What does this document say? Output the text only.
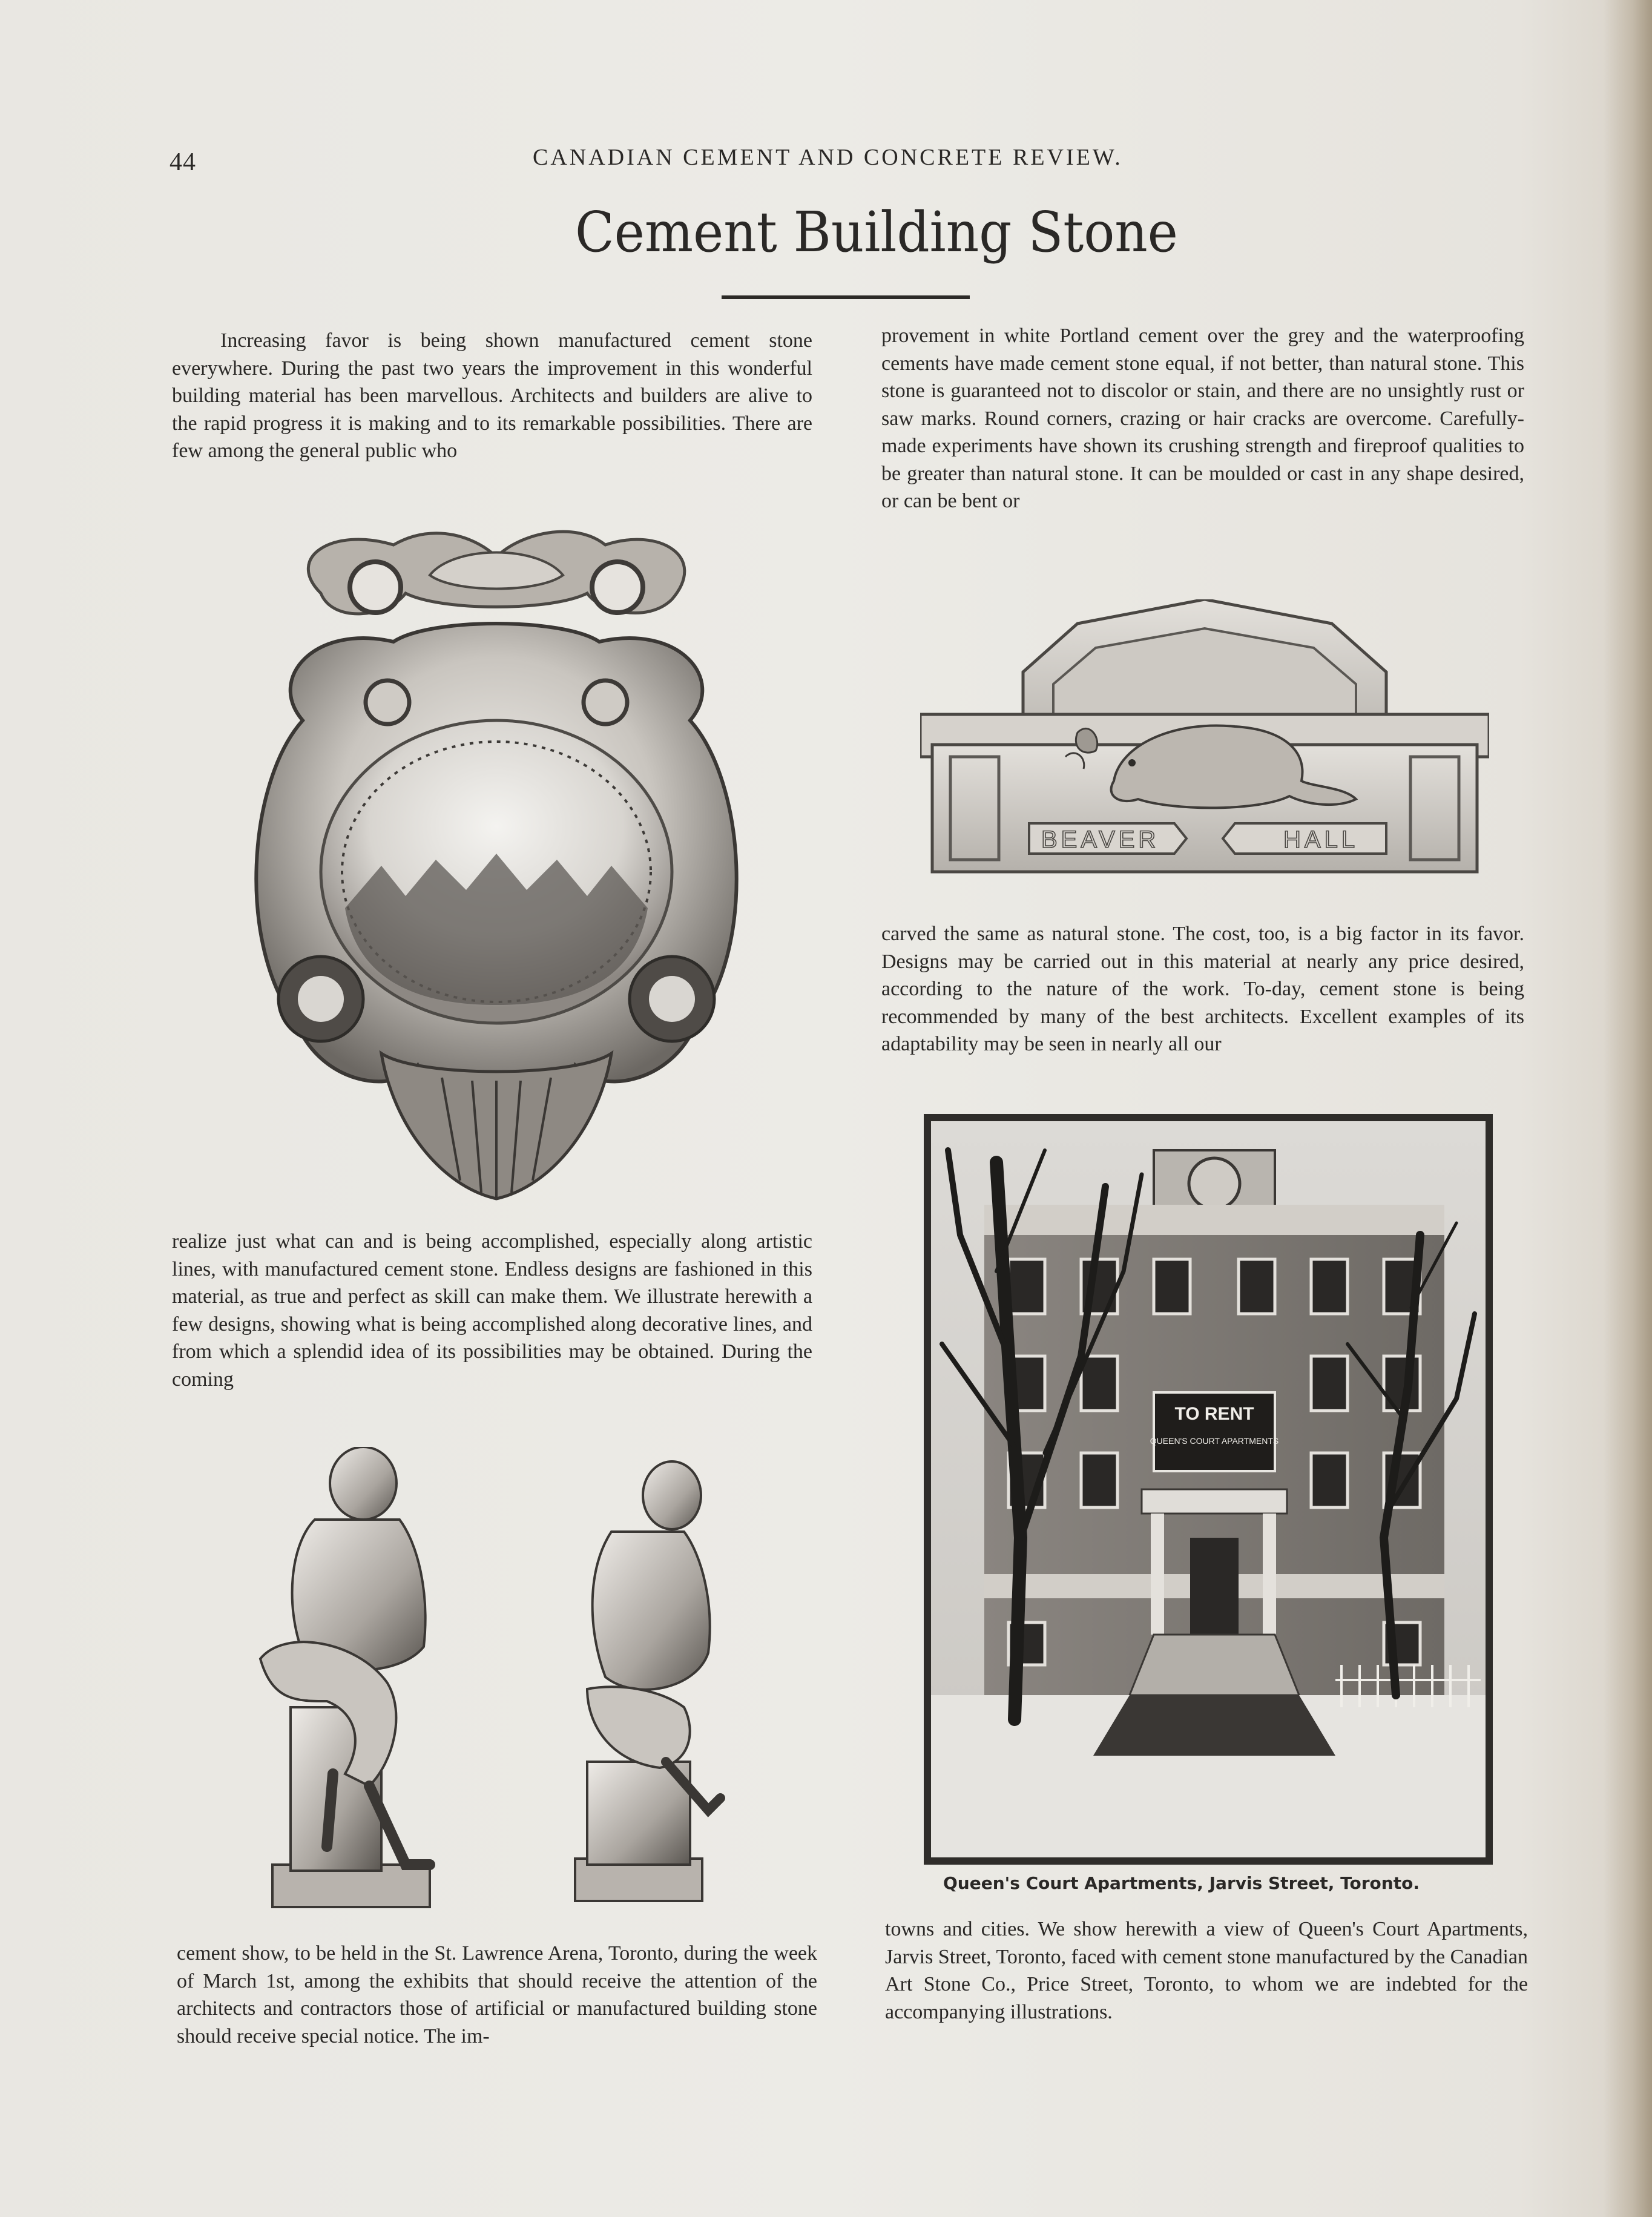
44	CANADIAN CEMENT AND CONCRETE REVIEW.
Cement Building Stone

Increasing favor is being shown manufactured cement stone everywhere. During the past two years the improvement in this wonderful building material has been marvellous. Architects and builders are alive to the rapid progress it is making and to its remarkable possibilities. There are few among the general public who

realize just what can and is being accomplished, especially along artistic lines, with manufactured cement stone. Endless designs are fashioned in this material, as true and perfect as skill can make them. We illustrate herewith a few designs, showing what is being accomplished along decorative lines, and from which a splendid idea of its possibilities may be obtained. During the coming

cement show, to be held in the St. Lawrence Arena, Toronto, during the week of March 1st, among the exhibits that should receive the attention of the architects and contractors those of artificial or manufactured building stone should receive special notice. The im-

provement in white Portland cement over the grey and the waterproofing cements have made cement stone equal, if not better, than natural stone. This stone is guaranteed not to discolor or stain, and there are no unsightly rust or saw marks. Round corners, crazing or hair cracks are overcome. Carefully-made experiments have shown its crushing strength and fireproof qualities to be greater than natural stone. It can be moulded or cast in any shape desired, or can be bent or

carved the same as natural stone. The cost, too, is a big factor in its favor. Designs may be carried out in this material at nearly any price desired, according to the nature of the work. To-day, cement stone is being recommended by many of the best architects. Excellent examples of its adaptability may be seen in nearly all our

towns and cities. We show herewith a view of Queen's Court Apartments, Jarvis Street, Toronto, faced with cement stone manufactured by the Canadian Art Stone Co., Price Street, Toronto, to whom we are indebted for the accompanying illustrations.

BEAVER	HALL
TO RENT
QUEEN'S COURT APARTMENTS
Queen's Court Apartments, Jarvis Street, Toronto.
